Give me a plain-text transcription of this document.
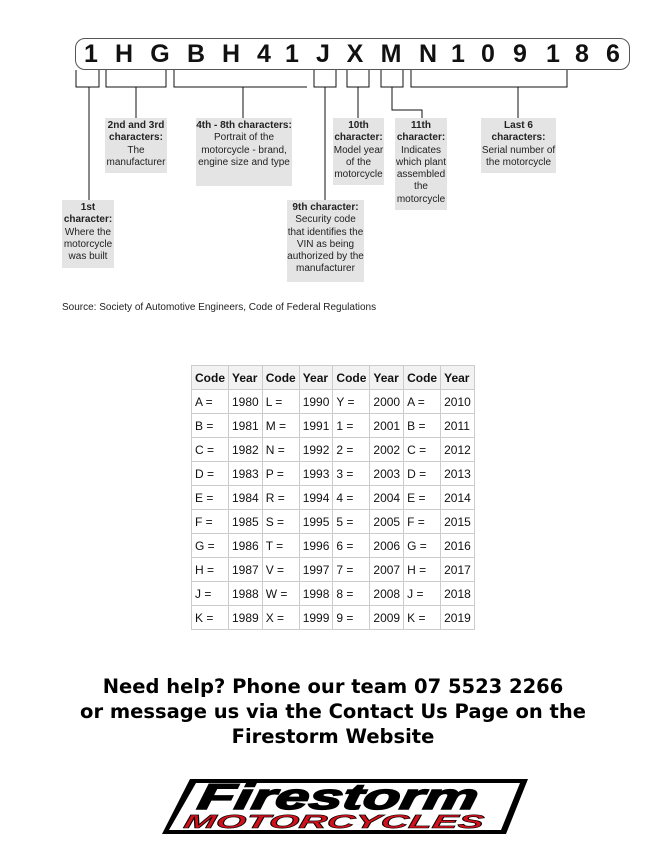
1 H G B H 4 1 J X M N 1 0 9 1 8 6
1st character:
Where the motorcycle was built
2nd and 3rd characters:
The manufacturer
4th - 8th characters:
Portrait of the motorcycle - brand, engine size and type
9th character:
Security code that identifies the VIN as being authorized by the manufacturer
10th character:
Model year of the motorcycle
11th character:
Indicates which plant assembled the motorcycle
Last 6 characters:
Serial number of the motorcycle
Source: Society of Automotive Engineers, Code of Federal Regulations
Code	Year	Code	Year	Code	Year	Code	Year
A =	1980	L =	1990	Y =	2000	A =	2010
B =	1981	M =	1991	1 =	2001	B =	2011
C =	1982	N =	1992	2 =	2002	C =	2012
D =	1983	P =	1993	3 =	2003	D =	2013
E =	1984	R =	1994	4 =	2004	E =	2014
F =	1985	S =	1995	5 =	2005	F =	2015
G =	1986	T =	1996	6 =	2006	G =	2016
H =	1987	V =	1997	7 =	2007	H =	2017
J =	1988	W =	1998	8 =	2008	J =	2018
K =	1989	X =	1999	9 =	2009	K =	2019
Need help? Phone our team 07 5523 2266
or message us via the Contact Us Page on the
Firestorm Website
Firestorm
MOTORCYCLES
